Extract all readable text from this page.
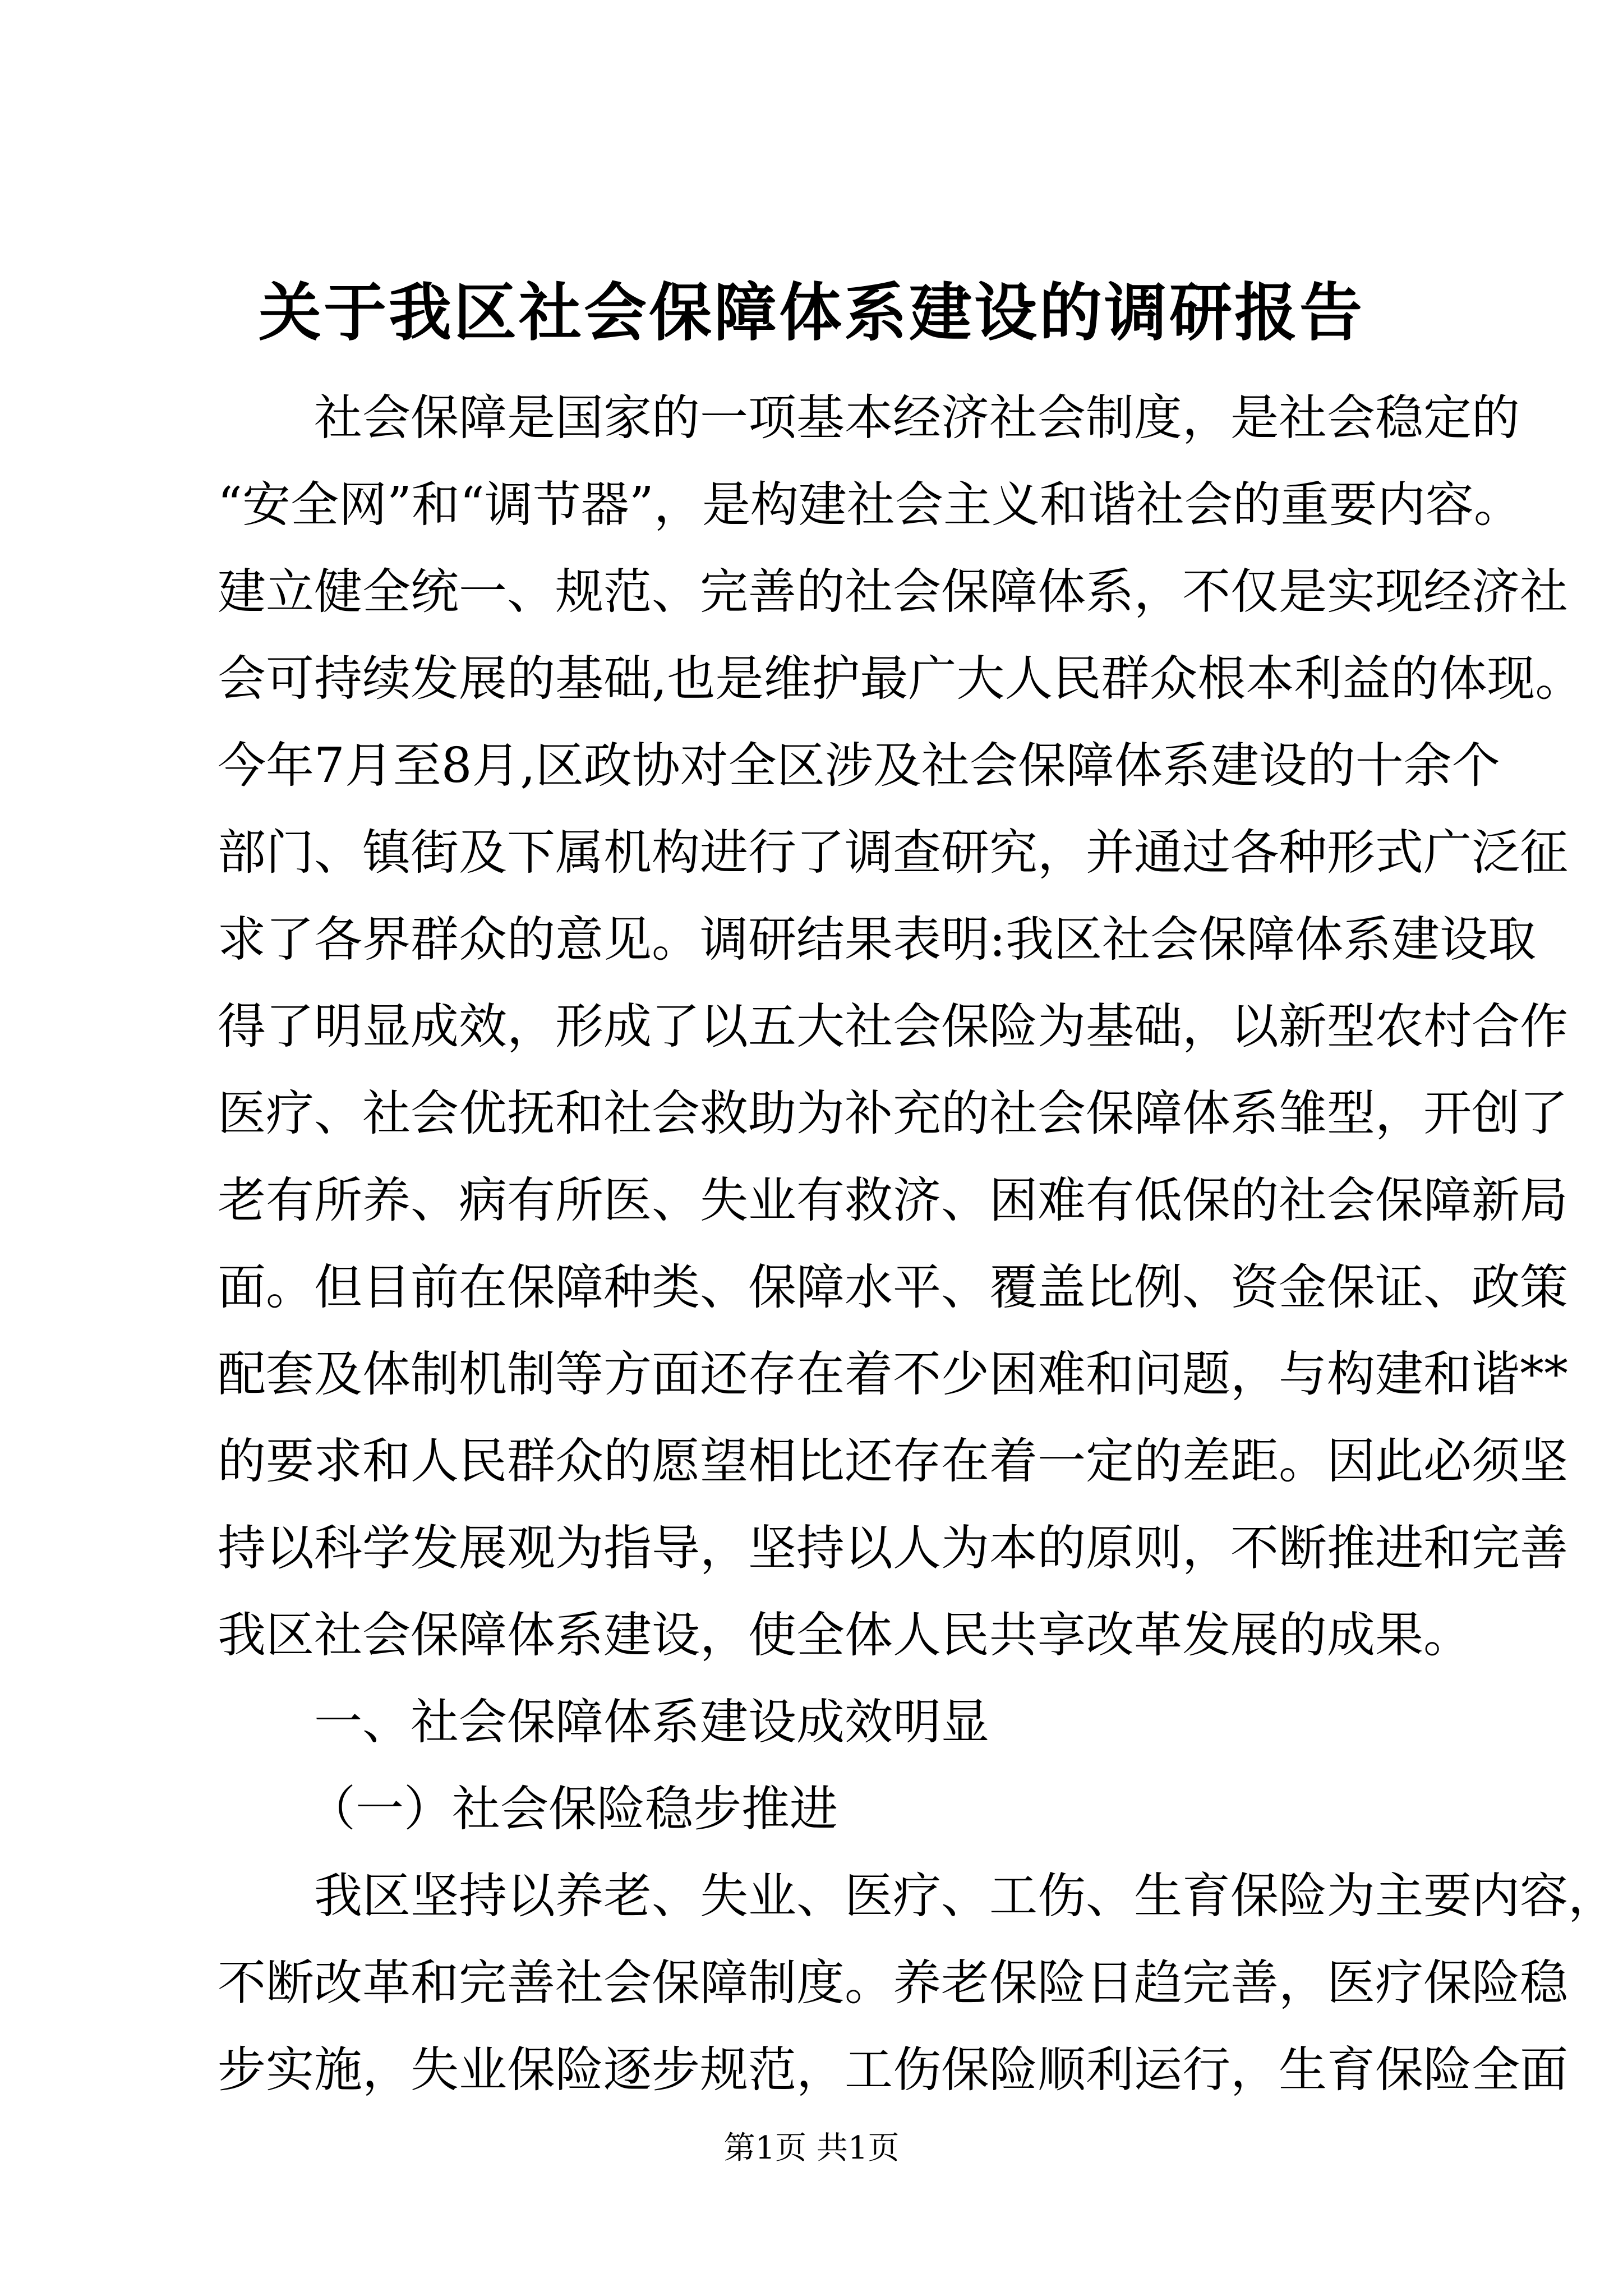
关于我区社会保障体系建设的调研报告
社会保障是国家的一项基本经济社会制度，是社会稳定的
“安全网”和“调节器”，是构建社会主义和谐社会的重要内容。
建立健全统一、规范、完善的社会保障体系，不仅是实现经济社
会可持续发展的基础,也是维护最广大人民群众根本利益的体现。
今年7月至8月,区政协对全区涉及社会保障体系建设的十余个
部门、镇街及下属机构进行了调查研究，并通过各种形式广泛征
求了各界群众的意见。调研结果表明:我区社会保障体系建设取
得了明显成效，形成了以五大社会保险为基础，以新型农村合作
医疗、社会优抚和社会救助为补充的社会保障体系雏型，开创了
老有所养、病有所医、失业有救济、困难有低保的社会保障新局
面。但目前在保障种类、保障水平、覆盖比例、资金保证、政策
配套及体制机制等方面还存在着不少困难和问题，与构建和谐**
的要求和人民群众的愿望相比还存在着一定的差距。因此必须坚
持以科学发展观为指导，坚持以人为本的原则，不断推进和完善
我区社会保障体系建设，使全体人民共享改革发展的成果。
一、社会保障体系建设成效明显
（一）社会保险稳步推进
我区坚持以养老、失业、医疗、工伤、生育保险为主要内容，
不断改革和完善社会保障制度。养老保险日趋完善，医疗保险稳
步实施，失业保险逐步规范，工伤保险顺利运行，生育保险全面
第1页 共1页
